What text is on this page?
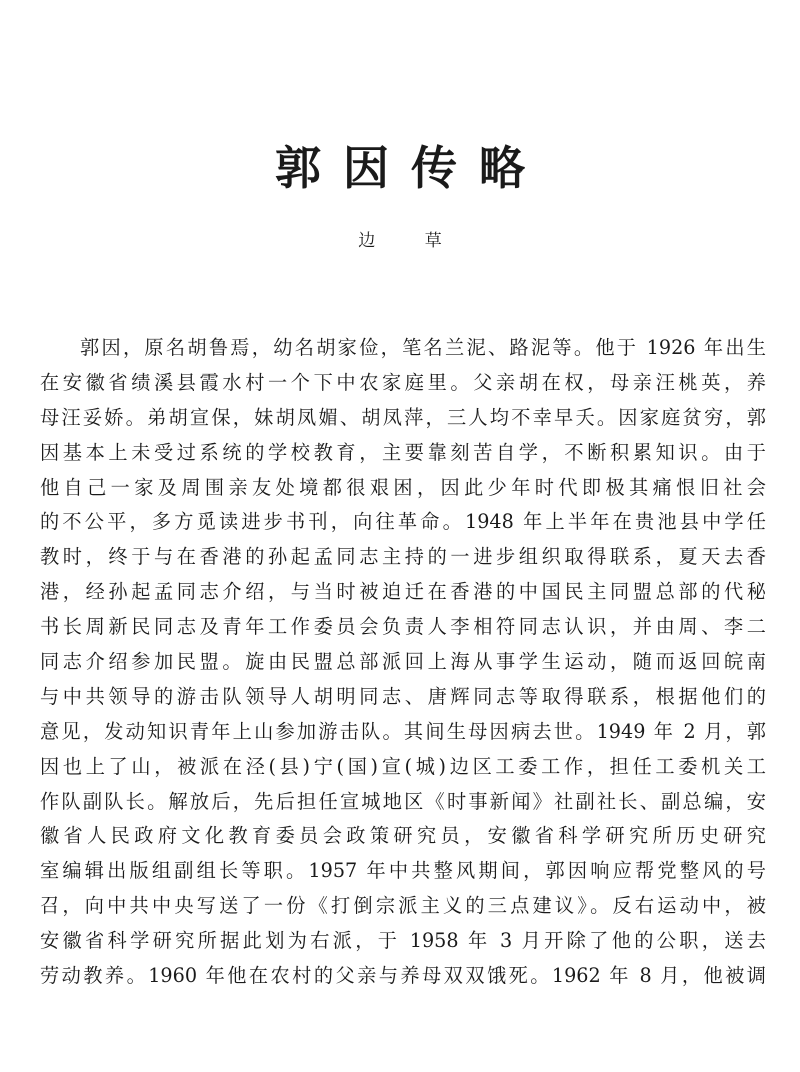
郭因传略
边 草
郭因，原名胡鲁焉，幼名胡家俭，笔名兰泥、路泥等。他于 1926 年出生
在安徽省绩溪县霞水村一个下中农家庭里。父亲胡在权，母亲汪桃英，养
母汪妥娇。弟胡宣保，妹胡凤媚、胡凤萍，三人均不幸早夭。因家庭贫穷，郭
因基本上未受过系统的学校教育，主要靠刻苦自学，不断积累知识。由于
他自己一家及周围亲友处境都很艰困，因此少年时代即极其痛恨旧社会
的不公平，多方觅读进步书刊，向往革命。1948 年上半年在贵池县中学任
教时，终于与在香港的孙起孟同志主持的一进步组织取得联系，夏天去香
港，经孙起孟同志介绍，与当时被迫迁在香港的中国民主同盟总部的代秘
书长周新民同志及青年工作委员会负责人李相符同志认识，并由周、李二
同志介绍参加民盟。旋由民盟总部派回上海从事学生运动，随而返回皖南
与中共领导的游击队领导人胡明同志、唐辉同志等取得联系，根据他们的
意见，发动知识青年上山参加游击队。其间生母因病去世。1949 年 2 月，郭
因也上了山，被派在泾(县)宁(国)宣(城)边区工委工作，担任工委机关工
作队副队长。解放后，先后担任宣城地区《时事新闻》社副社长、副总编，安
徽省人民政府文化教育委员会政策研究员，安徽省科学研究所历史研究
室编辑出版组副组长等职。1957 年中共整风期间，郭因响应帮党整风的号
召，向中共中央写送了一份《打倒宗派主义的三点建议》。反右运动中，被
安徽省科学研究所据此划为右派，于 1958 年 3 月开除了他的公职，送去
劳动教养。1960 年他在农村的父亲与养母双双饿死。1962 年 8 月，他被调
